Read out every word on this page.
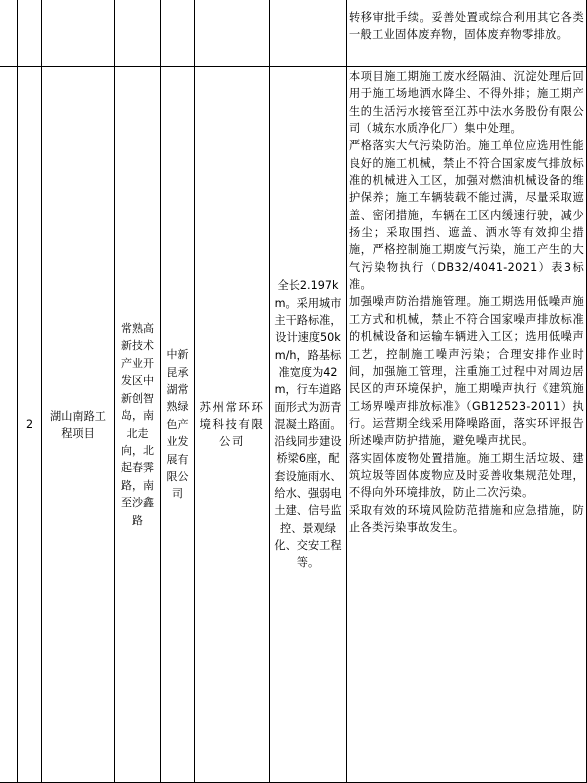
转移审批手续。妥善处置或综合利用其它各类一般工业固体废弃物，固体废弃物零排放。

2
湖山南路工程项目
常熟高新技术产业开发区中新创智岛，南北走向，北起春霁路，南至沙鑫路
中新昆承湖常熟绿色产业发展有限公司
苏州常环环境科技有限公司
全长2.197km。采用城市主干路标准，设计速度50km/h，路基标准宽度为42m，行车道路面形式为沥青混凝土路面。沿线同步建设桥梁6座，配套设施雨水、给水、强弱电土建、信号监控、景观绿化、交安工程等。

本项目施工期施工废水经隔油、沉淀处理后回用于施工场地洒水降尘、不得外排；施工期产生的生活污水接管至江苏中法水务股份有限公司（城东水质净化厂）集中处理。

严格落实大气污染防治。施工单位应选用性能良好的施工机械，禁止不符合国家废气排放标准的机械进入工区，加强对燃油机械设备的维护保养；施工车辆装载不能过满，尽量采取遮盖、密闭措施，车辆在工区内缓速行驶，减少扬尘；采取围挡、遮盖、洒水等有效抑尘措施，严格控制施工期废气污染，施工产生的大气污染物执行（DB32/4041-2021）表3标准。

加强噪声防治措施管理。施工期选用低噪声施工方式和机械，禁止不符合国家噪声排放标准的机械设备和运输车辆进入工区；选用低噪声工艺，控制施工噪声污染；合理安排作业时间，加强施工管理，注重施工过程中对周边居民区的声环境保护，施工期噪声执行《建筑施工场界噪声排放标准》（GB12523-2011）执行。运营期全线采用降噪路面，落实环评报告所述噪声防护措施，避免噪声扰民。

落实固体废物处置措施。施工期生活垃圾、建筑垃圾等固体废物应及时妥善收集规范处理，不得向外环境排放，防止二次污染。

采取有效的环境风险防范措施和应急措施，防止各类污染事故发生。
